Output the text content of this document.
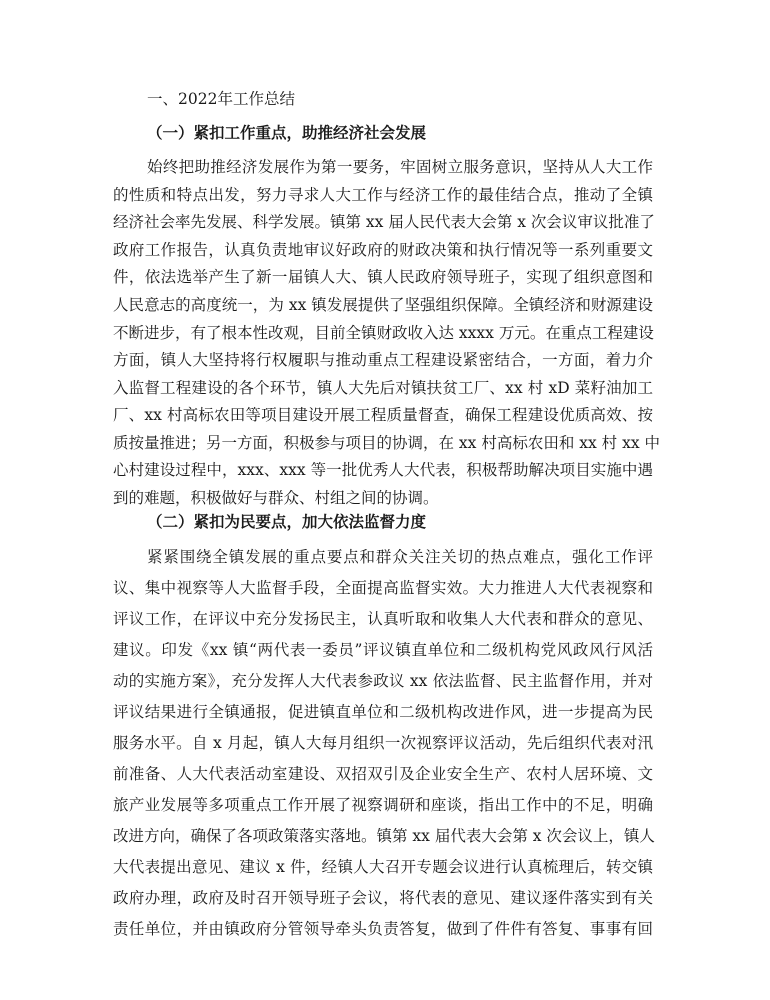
一、2022年工作总结
（一）紧扣工作重点，助推经济社会发展
始终把助推经济发展作为第一要务，牢固树立服务意识，坚持从人大工作
的性质和特点出发，努力寻求人大工作与经济工作的最佳结合点，推动了全镇
经济社会率先发展、科学发展。镇第 xx 届人民代表大会第 x 次会议审议批准了
政府工作报告，认真负责地审议好政府的财政决策和执行情况等一系列重要文
件，依法选举产生了新一届镇人大、镇人民政府领导班子，实现了组织意图和
人民意志的高度统一，为 xx 镇发展提供了坚强组织保障。全镇经济和财源建设
不断进步，有了根本性改观，目前全镇财政收入达 xxxx 万元。在重点工程建设
方面，镇人大坚持将行权履职与推动重点工程建设紧密结合，一方面，着力介
入监督工程建设的各个环节，镇人大先后对镇扶贫工厂、xx 村 xD 菜籽油加工
厂、xx 村高标农田等项目建设开展工程质量督查，确保工程建设优质高效、按
质按量推进；另一方面，积极参与项目的协调，在 xx 村高标农田和 xx 村 xx 中
心村建设过程中，xxx、xxx 等一批优秀人大代表，积极帮助解决项目实施中遇
到的难题，积极做好与群众、村组之间的协调。
（二）紧扣为民要点，加大依法监督力度
紧紧围绕全镇发展的重点要点和群众关注关切的热点难点，强化工作评
议、集中视察等人大监督手段，全面提高监督实效。大力推进人大代表视察和
评议工作，在评议中充分发扬民主，认真听取和收集人大代表和群众的意见、
建议。印发《xx 镇“两代表一委员”评议镇直单位和二级机构党风政风行风活
动的实施方案》，充分发挥人大代表参政议 xx 依法监督、民主监督作用，并对
评议结果进行全镇通报，促进镇直单位和二级机构改进作风，进一步提高为民
服务水平。自 x 月起，镇人大每月组织一次视察评议活动，先后组织代表对汛
前准备、人大代表活动室建设、双招双引及企业安全生产、农村人居环境、文
旅产业发展等多项重点工作开展了视察调研和座谈，指出工作中的不足，明确
改进方向，确保了各项政策落实落地。镇第 xx 届代表大会第 x 次会议上，镇人
大代表提出意见、建议 x 件，经镇人大召开专题会议进行认真梳理后，转交镇
政府办理，政府及时召开领导班子会议，将代表的意见、建议逐件落实到有关
责任单位，并由镇政府分管领导牵头负责答复，做到了件件有答复、事事有回
